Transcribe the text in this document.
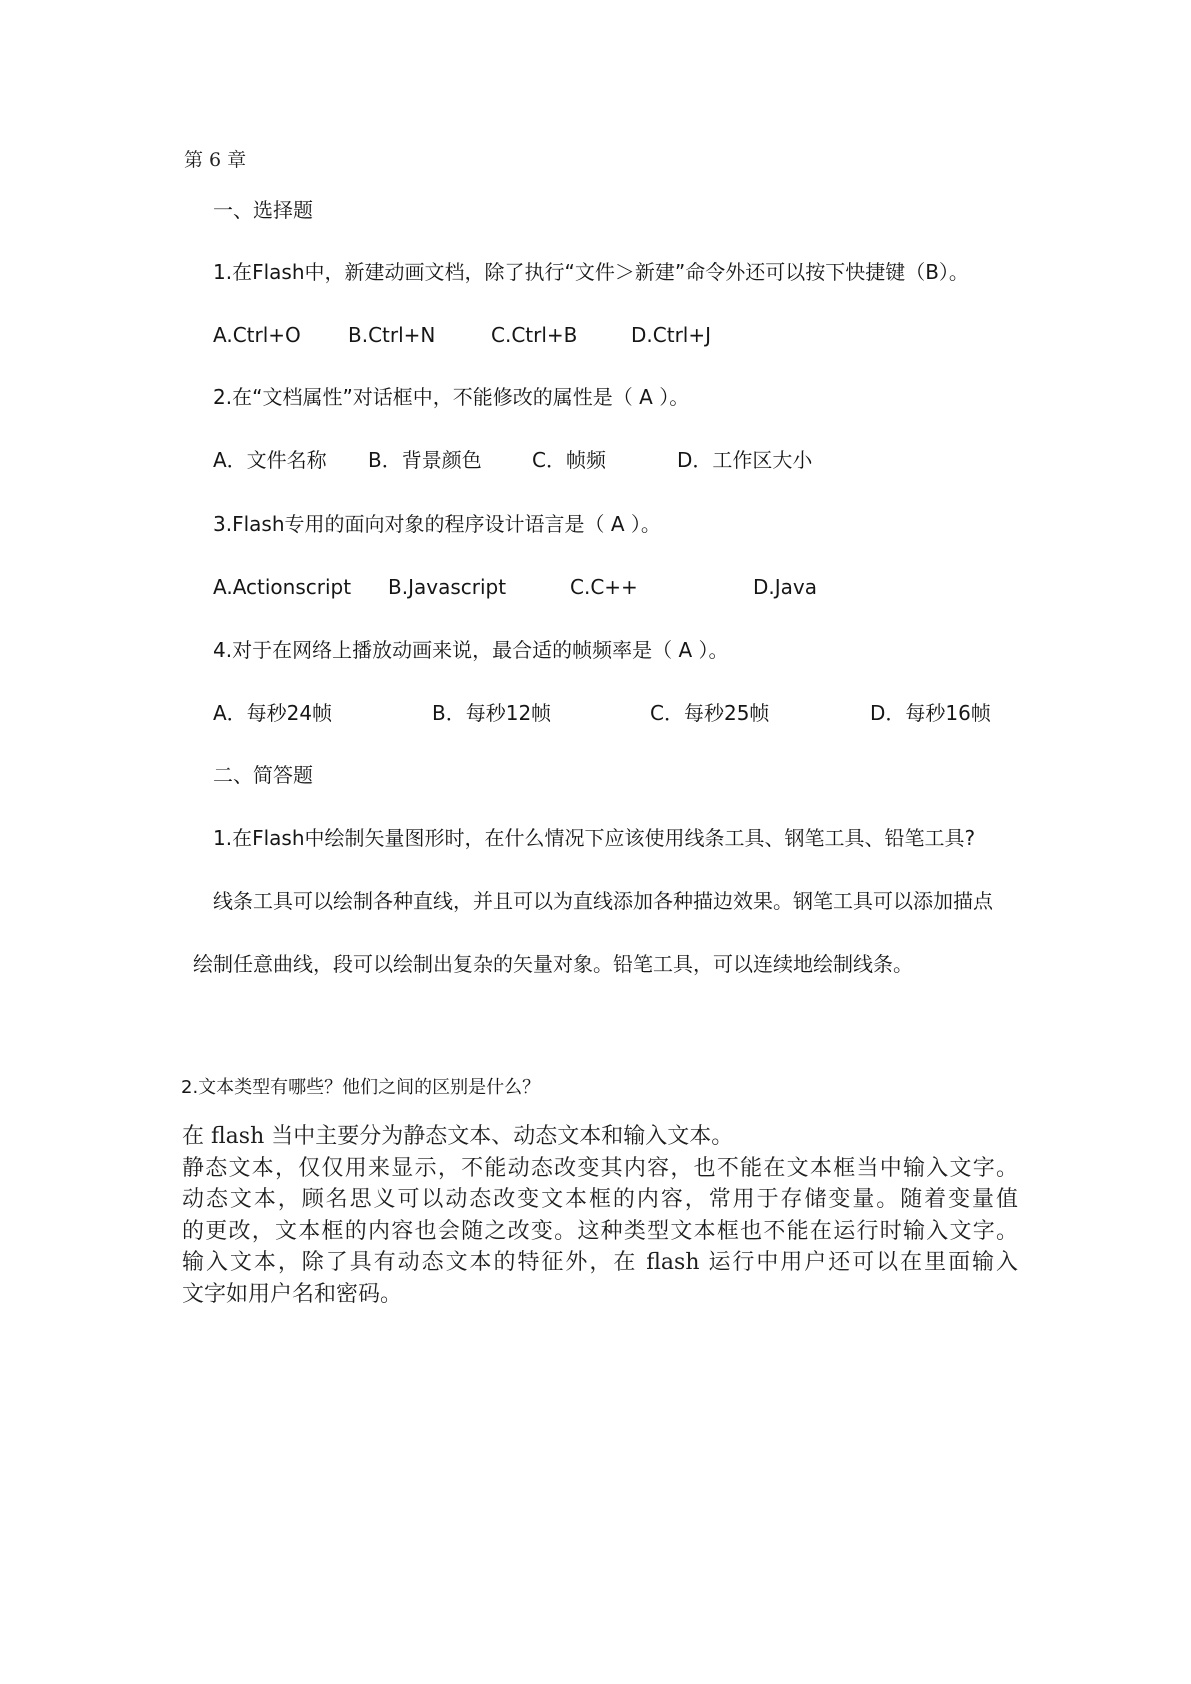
第 6 章
一、选择题
1.在Flash中，新建动画文档，除了执行“文件＞新建”命令外还可以按下快捷键（B）。
A.Ctrl+O B.Ctrl+N	C.Ctrl+B	D.Ctrl+J
2.在“文档属性”对话框中，不能修改的属性是（ A ）。
A．文件名称 B．背景颜色	C．帧频	D．工作区大小
3.Flash专用的面向对象的程序设计语言是（ A ）。
A.Actionscript B.Javascript	C.C++	D.Java
4.对于在网络上播放动画来说，最合适的帧频率是（ A ）。
A．每秒24帧	B．每秒12帧	C．每秒25帧	D．每秒16帧
二、简答题
1.在Flash中绘制矢量图形时，在什么情况下应该使用线条工具、钢笔工具、铅笔工具?
线条工具可以绘制各种直线，并且可以为直线添加各种描边效果。钢笔工具可以添加描点
绘制任意曲线，段可以绘制出复杂的矢量对象。铅笔工具，可以连续地绘制线条。
2.文本类型有哪些？他们之间的区别是什么？
在 flash 当中主要分为静态文本、动态文本和输入文本。
静态文本，仅仅用来显示，不能动态改变其内容，也不能在文本框当中输入文字。
动态文本，顾名思义可以动态改变文本框的内容，常用于存储变量。随着变量值
的更改，文本框的内容也会随之改变。这种类型文本框也不能在运行时输入文字。
输入文本，除了具有动态文本的特征外，在 flash 运行中用户还可以在里面输入
文字如用户名和密码。
